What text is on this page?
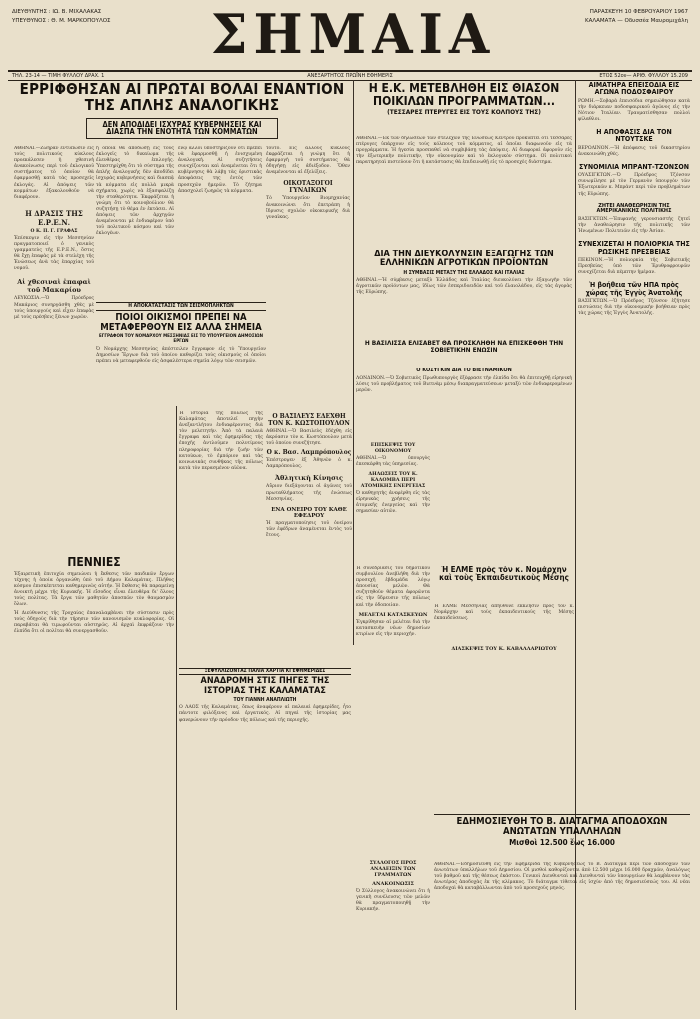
ΔΙΕΥΘΥΝΤΗΣ : ΙΩ. Β. ΜΙΧΑΛΑΚΑΣ
ΥΠΕΥΘΥΝΟΣ : Θ. Μ. ΜΑΡΚΟΠΟΥΛΟΣ	ΣΗΜΑΙΑ	ΠΑΡΑΣΚΕΥΗ 10 ΦΕΒΡΟΥΑΡΙΟΥ 1967
ΚΑΛΑΜΑΤΑ — Οδυσσέα Μαυρομιχάλη
ΤΗΛ. 23-14 — ΤΙΜΗ ΦΥΛΛΟΥ ΔΡΑΧ. 1	ΑΝΕΞΑΡΤΗΤΟΣ ΠΡΩΪΝΗ ΕΦΗΜΕΡΙΣ	ΕΤΟΣ 52ον— ΑΡΙΘ. ΦΥΛΛΟΥ 15.209

ΕΡΡΙΦΘΗΣΑΝ ΑΙ ΠΡΩΤΑΙ ΒΟΛΑΙ ΕΝΑΝΤΙΟΝ ΤΗΣ ΑΠΛΗΣ ΑΝΑΛΟΓΙΚΗΣ

ΔΕΝ ΑΠΟΔΙΔΕΙ ΙΣΧΥΡΑΣ ΚΥΒΕΡΝΗΣΕΙΣ ΚΑΙ ΔΙΑΣΠΑ ΤΗΝ ΕΝΟΤΗΤΑ ΤΩΝ ΚΟΜΜΑΤΩΝ

ΑΘΗΝΑΙ.—Ζωηρὰν ἐντύπωσιν εἰς τοὺς πολιτικοὺς κύκλους προεκάλεσεν ἡ χθεσινὴ ἀνακοίνωσις περὶ τοῦ ἐκλογικοῦ συστήματος τὸ ὁποῖον θὰ ἐφαρμοσθῇ κατὰ τὰς προσεχεῖς ἐκλογάς. Αἱ ἀπόψεις τῶν κομμάτων ἐξακολουθοῦν νὰ διαφέρουν.

Η ΔΡΑΣΙΣ ΤΗΣ Ε.Ρ.Ε.Ν.

Ο Κ. Π. Γ. ΓΡΑΦΑΣ

Ἐπίσκεψιν εἰς τὴν Μεσσηνίαν πραγματοποιεῖ ὁ γενικὸς γραμματεὺς τῆς Ε.Ρ.Ε.Ν., ὅστις θὰ ἔχῃ ἐπαφὰς μὲ τὰ στελέχη τῆς Ἑνώσεως ἀνὰ τὰς ἐπαρχίας τοῦ νομοῦ.

Αἱ χθεσιναὶ ἐπαφαὶ τοῦ Μακαρίου

ΛΕΥΚΩΣΙΑ.—Ὁ Πρόεδρος Μακάριος συνηργάσθη χθὲς μὲ τοὺς ὑπουργοὺς καὶ εἶχεν ἐπαφὰς μὲ τοὺς πρέσβεις ξένων χωρῶν.

ἡ ὁποία θὰ ἀποδώσῃ εἰς τοὺς ἐκλογεῖς τὸ δικαίωμα τῆς ἐλευθέρας ἐπιλογῆς. Ὑπεστηρίχθη ὅτι τὸ σύστημα τῆς ἁπλῆς ἀναλογικῆς δὲν ἀποδίδει ἰσχυρὰς κυβερνήσεις καὶ διασπᾷ τὰ κόμματα εἰς πολλὰ μικρὰ σχήματα, χωρὶς νὰ ἐξασφαλίζῃ τὴν σταθερότητα. Ἐκφράζεται ἡ γνώμη ὅτι τὸ κοινοβούλιον θὰ συζητήσῃ τὸ θέμα ἐν ἐκτάσει. Αἱ ἀπόψεις τῶν ἀρχηγῶν ἀναμένονται μὲ ἐνδιαφέρον ὑπὸ τοῦ πολιτικοῦ κόσμου καὶ τῶν ἐκλογέων.

ἐνῷ ἄλλοι ὑποστηρίζουν ὅτι πρέπει νὰ ἐφαρμοσθῇ ἡ ἐνισχυμένη ἀναλογική. Αἱ συζητήσεις συνεχίζονται καὶ ἀναμένεται ὅτι ἡ κυβέρνησις θὰ λάβῃ τὰς ὁριστικὰς ἀποφάσεις της ἐντὸς τῶν προσεχῶν ἡμερῶν. Τὸ ζήτημα ἀπασχολεῖ ζωηρῶς τὰ κόμματα.

τοῦτο. Εἰς ἄλλους κύκλους ἐκφράζεται ἡ γνώμη ὅτι ἡ ἐφαρμογὴ τοῦ συστήματος θὰ ὁδηγήσῃ εἰς ἀδιέξοδον. Ὅθεν ἀναμένονται αἱ ἐξελίξεις.

ΟΙΚΟΤΑΞΟΓΟΙ ΓΥΝΑΙΚΩΝ

Τὸ Ὑπουργεῖον Βιομηχανίας ἀνακοινώνει ὅτι ἐπετράπη ἡ ἵδρυσις σχολῶν οἰκοκυρικῆς διὰ γυναῖκας.

Η ΑΠΟΚΑΤΑΣΤΑΣΙΣ ΤΩΝ ΣΕΙΣΜΟΠΛΗΚΤΩΝ

ΠΟΙΟΙ ΟΙΚΙΣΜΟΙ ΠΡΕΠΕΙ ΝΑ ΜΕΤΑΦΕΡΘΟΥΝ ΕΙΣ ΑΛΛΑ ΣΗΜΕΙΑ

ΕΓΓΡΑΦΟΝ ΤΟΥ ΝΟΜΑΡΧΟΥ ΜΕΣΣΗΝΙΑΣ ΕΙΣ ΤΟ ΥΠΟΥΡΓΕΙΟΝ ΔΗΜΟΣΙΩΝ ΕΡΓΩΝ

Ὁ Νομάρχης Μεσσηνίας ἀπέστειλεν ἔγγραφον εἰς τὸ Ὑπουργεῖον Δημοσίων Ἔργων διὰ τοῦ ὁποίου καθορίζει τοὺς οἰκισμοὺς οἱ ὁποῖοι πρέπει νὰ μεταφερθοῦν εἰς ἀσφαλέστερα σημεῖα λόγῳ τῶν σεισμῶν.

ΠΕΝΝΙΕΣ

Ἐξαιρετικὴ ἐπιτυχία σημειώνει ἡ ἔκθεσις τῶν παιδικῶν ἔργων τέχνης ἡ ὁποία ὀργανώθη ὑπὸ τοῦ Δήμου Καλαμάτας. Πλῆθος κόσμου ἐπισκέπτεται καθημερινῶς αὐτήν. Ἡ ἔκθεσις θὰ παραμείνῃ ἀνοικτὴ μέχρι τῆς Κυριακῆς. Ἡ εἴσοδος εἶναι ἐλευθέρα δι' ὅλους τοὺς πολίτας. Τὰ ἔργα τῶν μαθητῶν ἀποσπῶν τὸν θαυμασμὸν ὅλων.

Ἡ Διεύθυνσις τῆς Τροχαίας ἐπαναλαμβάνει τὴν σύστασιν πρὸς τοὺς ὁδηγοὺς διὰ τὴν τήρησιν τῶν κανονισμῶν κυκλοφορίας. Οἱ παραβάται θὰ τιμωροῦνται αὐστηρῶς. Αἱ ἀρχαὶ ἐκφράζουν τὴν ἐλπίδα ὅτι οἱ πολῖται θὰ συνεργασθοῦν.

Ἡ ἱστορία τῆς πόλεως τῆς Καλαμάτας ἀποτελεῖ πηγὴν ἀνεξαντλήτου ἐνδιαφέροντος διὰ τὸν μελετητήν. Ἀπὸ τὰ παλαιὰ ἔγγραφα καὶ τὰς ἐφημερίδας τῆς ἐποχῆς ἀντλοῦμεν πολυτίμους πληροφορίας διὰ τὴν ζωὴν τῶν κατοίκων, τὸ ἐμπόριον καὶ τὰς κοινωνικὰς συνθήκας τῆς πόλεως κατὰ τὸν περασμένον αἰῶνα.

Ο ΒΑΣΙΛΕΥΣ ΕΔΕΧΘΗ ΤΟΝ Κ. ΚΩΣΤΟΠΟΥΛΟΝ

ΑΘΗΝΑΙ.—Ὁ Βασιλεὺς ἐδέχθη εἰς ἀκρόασιν τὸν κ. Κωστόπουλον μετὰ τοῦ ὁποίου συνεζήτησε.

Ο κ. Βασ. Λαμπρόπουλος

Ἐπέστρεψεν ἐξ Ἀθηνῶν ὁ κ. Λαμπρόπουλος.

Ἀθλητικὴ Κίνησις

Αὔριον διεξάγονται οἱ ἀγῶνες τοῦ πρωταθλήματος τῆς ἐνώσεως Μεσσηνίας.

ΕΝΑ ΟΝΕΙΡΟ ΤΟΥ ΚΑΘΕ ΕΦΕΔΡΟΥ

Ἡ πραγματοποίησις τοῦ ὀνείρου τῶν ἐφέδρων ἀναμένεται ἐντὸς τοῦ ἔτους.

ΞΕΦΥΛΛΙΖΟΝΤΑΣ ΠΑΛΙΑ ΧΑΡΤΙΑ ΚΙ ΕΦΗΜΕΡΙΔΕΣ

ΑΝΑΔΡΟΜΗ ΣΤΙΣ ΠΗΓΕΣ ΤΗΣ ΙΣΤΟΡΙΑΣ ΤΗΣ ΚΑΛΑΜΑΤΑΣ

ΤΟΥ ΓΙΑΝΝΗ ΑΝΑΠΛΙΩΤΗ

Ο ΛΑΟΣ τῆς Καλαμάτας, ὅπως ἀναφέρουν αἱ παλαιαὶ ἐφημερίδες, ἦτο πάντοτε φιλόξενος καὶ ἐργατικός. Αἱ πηγαὶ τῆς ἱστορίας μας φανερώνουν τὴν πρόοδον τῆς πόλεως καὶ τῆς περιοχῆς.

Η Ε.Κ. ΜΕΤΕΒΛΗΘΗ ΕΙΣ ΘΙΑΣΟΝ ΠΟΙΚΙΛΩΝ ΠΡΟΓΡΑΜΜΑΤΩΝ...

(ΤΕΣΣΑΡΕΣ ΠΤΕΡΥΓΕΣ ΕΙΣ ΤΟΥΣ ΚΟΛΠΟΥΣ ΤΗΣ)

ΑΘΗΝΑΙ.—Ἐκ τῶν δηλώσεων τῶν στελεχῶν τῆς Ἑνώσεως Κέντρου προκύπτει ὅτι τέσσαρες πτέρυγες ὑπάρχουν εἰς τοὺς κόλπους τοῦ κόμματος, αἱ ὁποῖαι διαφωνοῦν εἰς τὰ προγράμματα. Ἡ ἡγεσία προσπαθεῖ νὰ συμβιβάσῃ τὰς ἀπόψεις. Αἱ διαφοραὶ ἀφοροῦν εἰς τὴν ἐξωτερικὴν πολιτικήν, τὴν οἰκονομίαν καὶ τὸ ἐκλογικὸν σύστημα. Οἱ πολιτικοὶ παρατηρηταὶ πιστεύουν ὅτι ἡ κατάστασις θὰ ἐπιδεινωθῇ εἰς τὸ προσεχὲς διάστημα.

ΔΙΑ ΤΗΝ ΔΙΕΥΚΟΛΥΝΣΙΝ ΕΞΑΓΩΓΗΣ ΤΩΝ ΕΛΛΗΝΙΚΩΝ ΑΓΡΟΤΙΚΩΝ ΠΡΟΪΟΝΤΩΝ

Η ΣΥΜΒΑΣΙΣ ΜΕΤΑΞΥ ΤΗΣ ΕΛΛΑΔΟΣ ΚΑΙ ΙΤΑΛΙΑΣ

ΑΘΗΝΑΙ.—Ἡ σύμβασις μεταξὺ Ἑλλάδος καὶ Ἰταλίας διευκολύνει τὴν ἐξαγωγὴν τῶν ἀγροτικῶν προϊόντων μας, ἰδίως τῶν ἐσπεριδοειδῶν καὶ τοῦ ἐλαιολάδου, εἰς τὰς ἀγορὰς τῆς Εὐρώπης.

Η ΒΑΣΙΛΙΣΣΑ ΕΛΙΣΑΒΕΤ ΘΑ ΠΡΟΣΚΛΗΘΗ ΝΑ ΕΠΙΣΚΕΦΘΗ ΤΗΝ ΣΟΒΙΕΤΙΚΗΝ ΕΝΩΣΙΝ

Ο ΚΟΣΥΓΚΙΝ ΔΙΑ ΤΟ ΒΙΕΤΝΑΜΙΚΟΝ

ΛΟΝΔΙΝΟΝ.—Ὁ Σοβιετικὸς Πρωθυπουργὸς ἐξέφρασε τὴν ἐλπίδα ὅτι θὰ ἐπιτευχθῇ εἰρηνικὴ λύσις τοῦ προβλήματος τοῦ Βιετνὰμ μέσῳ διαπραγματεύσεων μεταξὺ τῶν ἐνδιαφερομένων μερῶν.

ΕΠΙΣΚΕΨΙΣ ΤΟΥ ΟΙΚΟΝΟΜΟΥ

ΑΘΗΝΑΙ.—Ὁ ὑπουργὸς ἐπεσκέφθη τὰς ὑπηρεσίας.

ΔΗΛΩΣΕΙΣ ΤΟΥ Κ. ΚΑΛΟΜΒΑ ΠΕΡΙ ΑΤΟΜΙΚΗΣ ΕΝΕΡΓΕΙΑΣ

Ὁ καθηγητὴς ἀνεφέρθη εἰς τὰς εἰρηνικὰς χρήσεις τῆς ἀτομικῆς ἐνεργείας καὶ τὴν σημασίαν αὐτῶν.

Ἡ ΕΛΜΕ πρὸς τὸν κ. Νομάρχην καὶ τοὺς Ἐκπαιδευτικοὺς Μέσης

Ἡ ΕΛΜΕ Μεσσηνίας ἀπηύθυνε ἔκκλησιν πρὸς τὸν κ. Νομάρχην καὶ τοὺς ἐκπαιδευτικοὺς τῆς Μέσης ἐκπαιδεύσεως.

ΔΙΑΣΚΕΨΙΣ ΤΟΥ Κ. ΚΑΒΑΛΛΑΡΙΩΤΟΥ

ΕΔΗΜΟΣΙΕΥΘΗ ΤΟ Β. ΔΙΑΤΑΓΜΑ ΑΠΟΔΟΧΩΝ ΑΝΩΤΑΤΩΝ ΥΠΑΛΛΗΛΩΝ

Μισθοὶ 12.500 ἕως 16.000

ΑΘΗΝΑΙ.—Ἐδημοσιεύθη εἰς τὴν Ἐφημερίδα τῆς Κυβερνήσεως τὸ Β. Διάταγμα περὶ τῶν ἀποδοχῶν τῶν ἀνωτάτων ὑπαλλήλων τοῦ Δημοσίου. Οἱ μισθοὶ καθορίζονται ἀπὸ 12.500 μέχρι 16.000 δραχμῶν, ἀναλόγως τοῦ βαθμοῦ καὶ τῆς θέσεως ἑκάστου. Γενικοὶ Διευθυνταὶ καὶ Διευθυνταὶ τῶν ὑπουργείων θὰ λαμβάνουν τὰς ἀνωτέρας ἀποδοχὰς ἐκ τῆς κλίμακος. Τὸ διάταγμα τίθεται εἰς ἰσχὺν ἀπὸ τῆς δημοσιεύσεώς του. Αἱ νέαι ἀποδοχαὶ θὰ καταβάλλωνται ἀπὸ τοῦ προσεχοῦς μηνός.

Ἡ συνεδρίασις τοῦ δημοτικοῦ συμβουλίου ἀνεβλήθη διὰ τὴν προσεχῆ ἑβδομάδα λόγῳ ἀπουσίας μελῶν. Θὰ συζητηθοῦν θέματα ἀφορῶντα εἰς τὴν ὕδρευσιν τῆς πόλεως καὶ τὴν ὀδοποιίαν.

ΜΕΛΕΤΑΙ ΚΑΤΑΣΚΕΥΩΝ

Ἐγκρίθησαν αἱ μελέται διὰ τὴν κατασκευὴν νέων δημοσίων κτιρίων εἰς τὴν περιοχήν.

ΣΥΛΛΟΓΟΣ ΠΡΟΣ ΑΝΑΔΕΙΞΙΝ ΤΩΝ ΓΡΑΜΜΑΤΩΝ

ΑΝΑΚΟΙΝΩΣΙΣ

Ὁ Σύλλογος ἀνακοινώνει ὅτι ἡ γενικὴ συνέλευσις τῶν μελῶν θὰ πραγματοποιηθῇ τὴν Κυριακήν.

ΑΙΜΑΤΗΡΑ ΕΠΕΙΣΟΔΙΑ ΕΙΣ ΑΓΩΝΑ ΠΟΔΟΣΦΑΙΡΟΥ

ΡΩΜΗ.—Σοβαρὰ ἐπεισόδια σημειώθησαν κατὰ τὴν διάρκειαν ποδοσφαιρικοῦ ἀγῶνος εἰς τὴν Νότιον Ἰταλίαν. Τραυματίσθησαν πολλοὶ φίλαθλοι.

Η ΑΠΟΦΑΣΙΣ ΔΙΑ ΤΟΝ ΝΤΟΥΤΣΚΕ

ΒΕΡΟΛΙΝΟΝ.—Ἡ ἀπόφασις τοῦ δικαστηρίου ἀνεκοινώθη χθές.

ΣΥΝΟΜΙΛΙΑ ΜΠΡΑΝΤ-ΤΖΟΝΣΟΝ

ΟΥΑΣΙΓΚΤΩΝ.—Ὁ Πρόεδρος Τζόνσον συνωμίλησε μὲ τὸν Γερμανὸν ὑπουργὸν τῶν Ἐξωτερικῶν κ. Μπράντ περὶ τῶν προβλημάτων τῆς Εὐρώπης.

ΖΗΤΕΙ ΑΝΑΘΕΩΡΗΣΙΝ ΤΗΣ ΑΜΕΡΙΚΑΝΙΚΗΣ ΠΟΛΙΤΙΚΗΣ

ΒΑΣΙΓΚΤΩΝ.—Ἐπιφανὴς γερουσιαστὴς ζητεῖ τὴν ἀναθεώρησιν τῆς πολιτικῆς τῶν Ἡνωμένων Πολιτειῶν εἰς τὴν Ἀσίαν.

ΣΥΝΕΧΙΖΕΤΑΙ Η ΠΟΛΙΟΡΚΙΑ ΤΗΣ ΡΩΣΙΚΗΣ ΠΡΕΣΒΕΙΑΣ

ΠΕΚΙΝΟΝ.—Ἡ πολιορκία τῆς Σοβιετικῆς Πρεσβείας ὑπὸ τῶν Ἐρυθροφρουρῶν συνεχίζεται διὰ πέμπτην ἡμέραν.

Ἡ βοήθεια τῶν ΗΠΑ πρὸς χώρας τῆς Ἐγγὺς Ἀνατολῆς

ΒΑΣΙΓΚΤΩΝ.—Ὁ Πρόεδρος Τζόνσον ἐζήτησε πιστώσεις διὰ τὴν οἰκονομικὴν βοήθειαν πρὸς τὰς χώρας τῆς Ἐγγὺς Ἀνατολῆς.
